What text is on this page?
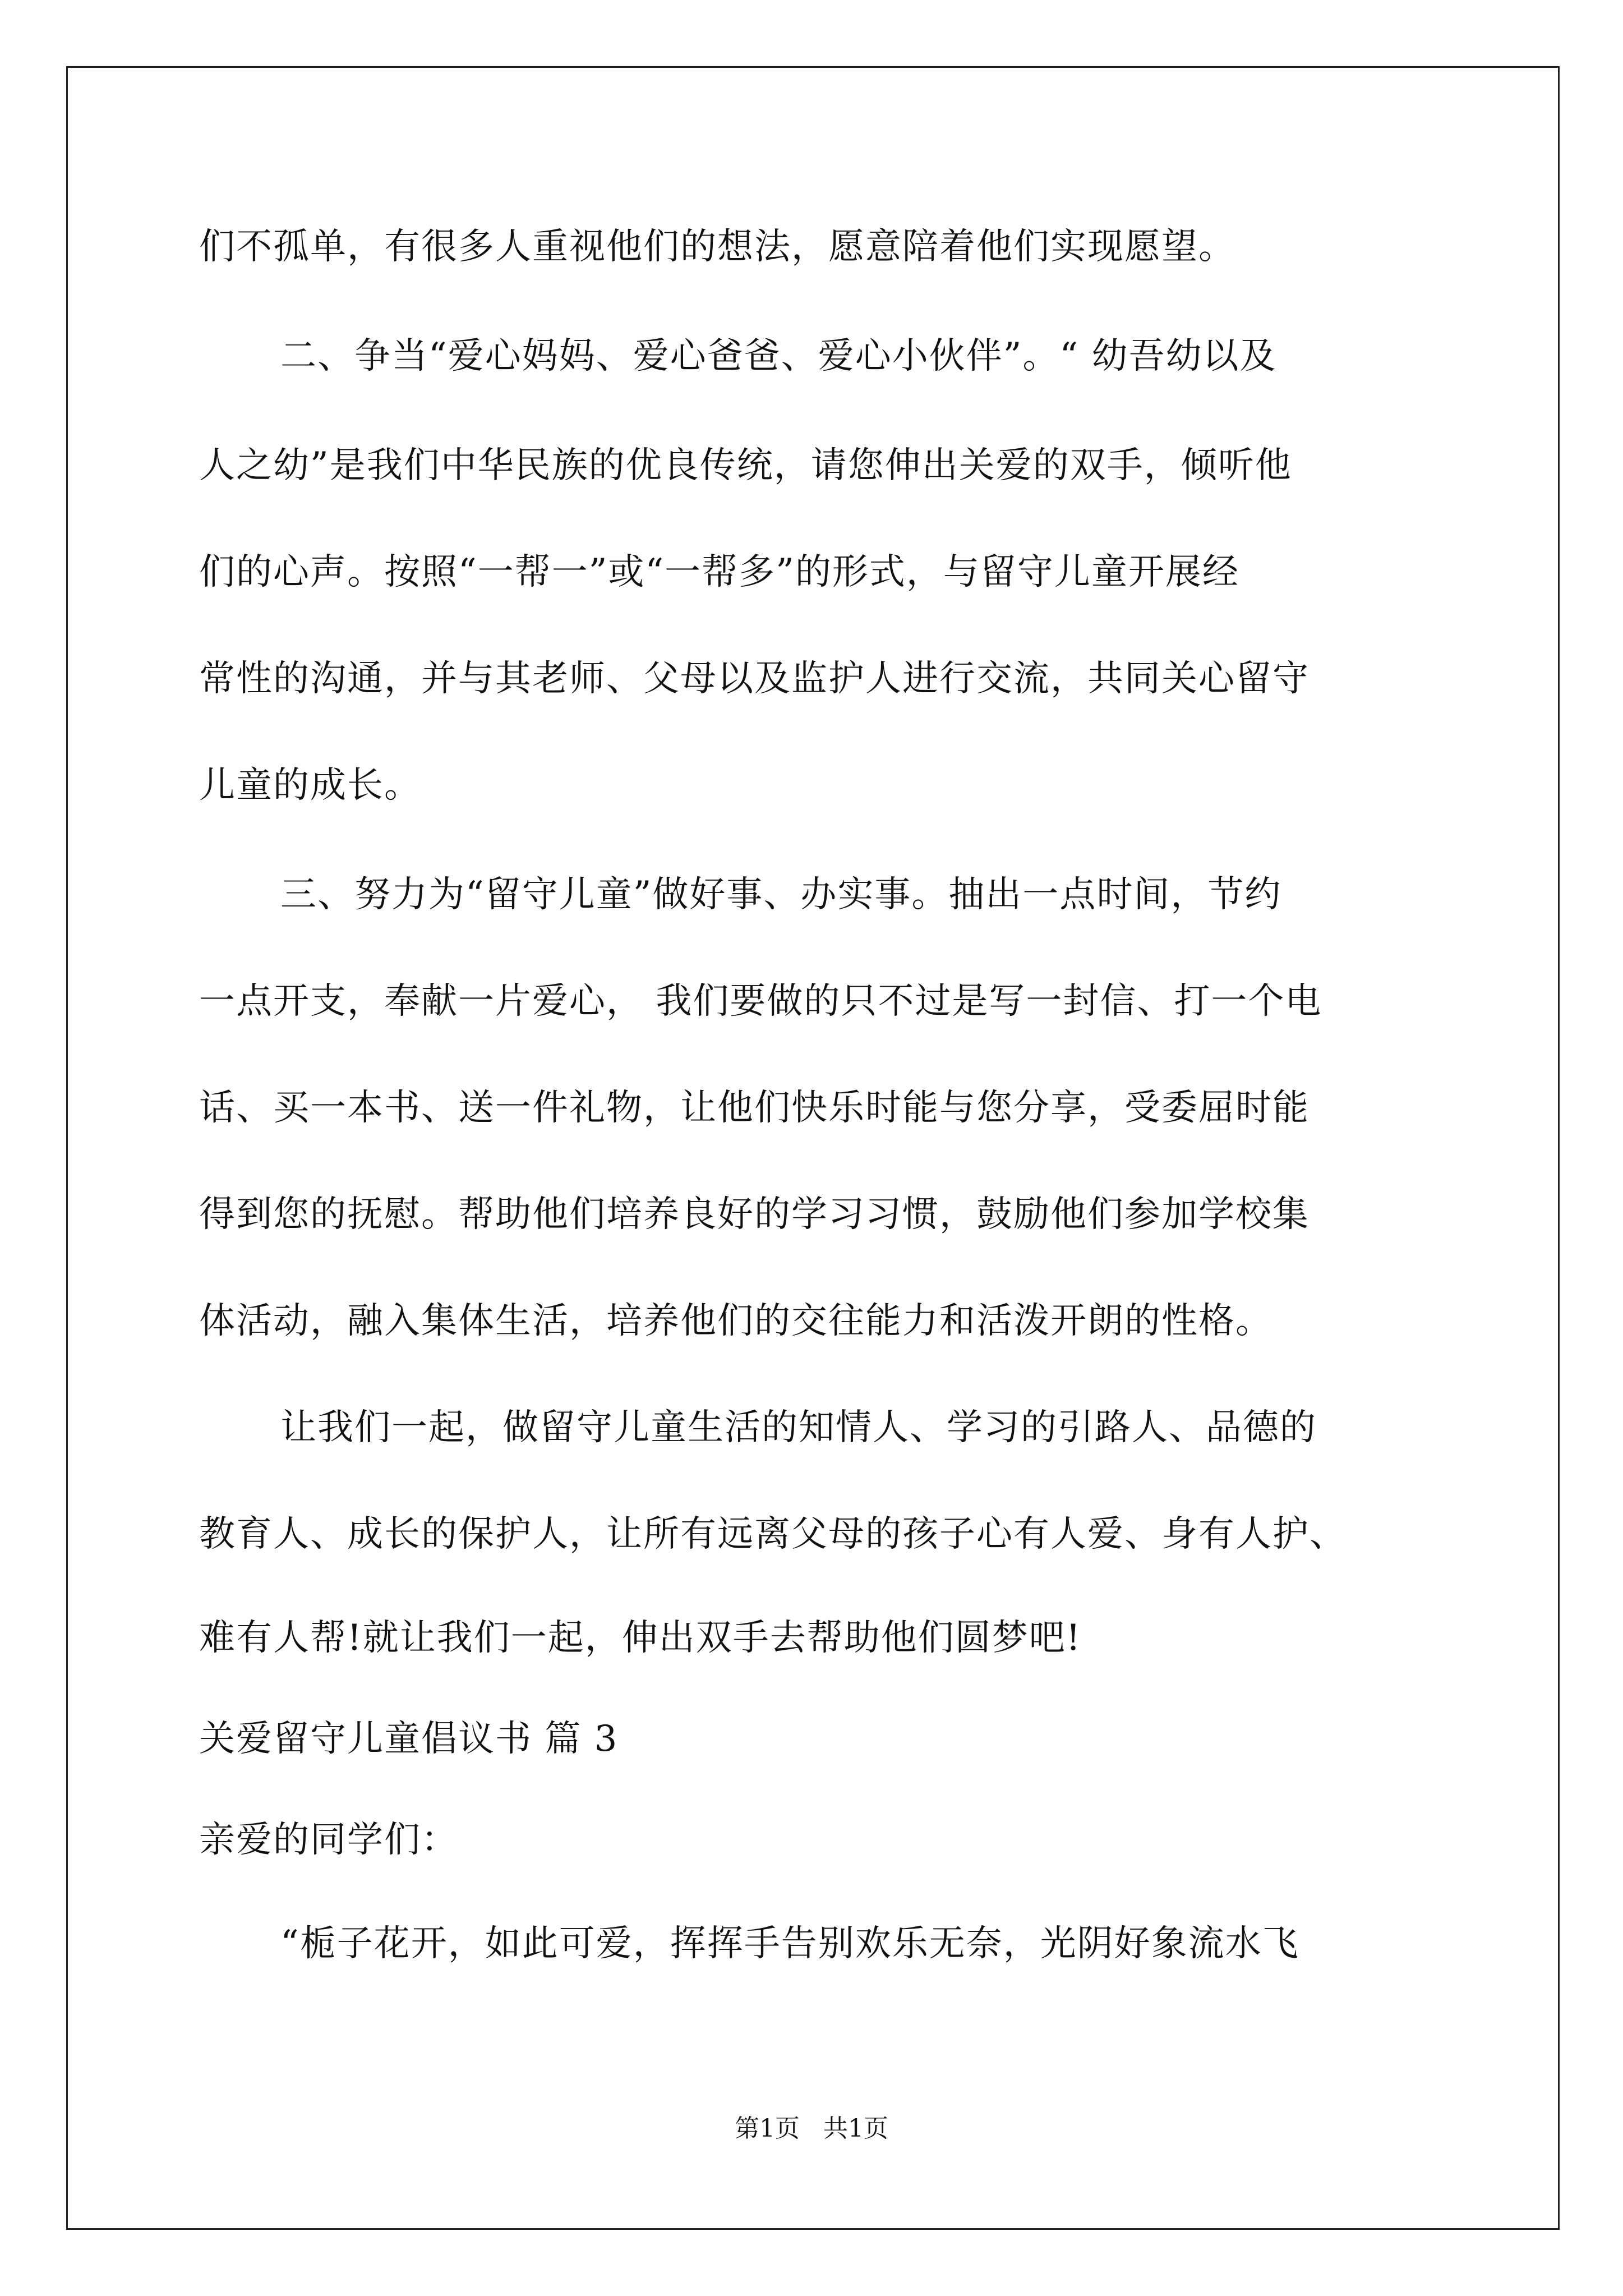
们不孤单，有很多人重视他们的想法，愿意陪着他们实现愿望。
二、争当“爱心妈妈、爱心爸爸、爱心小伙伴”。“ 幼吾幼以及
人之幼”是我们中华民族的优良传统，请您伸出关爱的双手，倾听他
们的心声。按照“一帮一”或“一帮多”的形式，与留守儿童开展经
常性的沟通，并与其老师、父母以及监护人进行交流，共同关心留守
儿童的成长。
三、努力为“留守儿童”做好事、办实事。抽出一点时间，节约
一点开支，奉献一片爱心， 我们要做的只不过是写一封信、打一个电
话、买一本书、送一件礼物，让他们快乐时能与您分享，受委屈时能
得到您的抚慰。帮助他们培养良好的学习习惯，鼓励他们参加学校集
体活动，融入集体生活，培养他们的交往能力和活泼开朗的性格。
让我们一起，做留守儿童生活的知情人、学习的引路人、品德的
教育人、成长的保护人，让所有远离父母的孩子心有人爱、身有人护、
难有人帮!就让我们一起，伸出双手去帮助他们圆梦吧!
关爱留守儿童倡议书 篇 3
亲爱的同学们：
“栀子花开，如此可爱，挥挥手告别欢乐无奈，光阴好象流水飞
第1页   共1页
